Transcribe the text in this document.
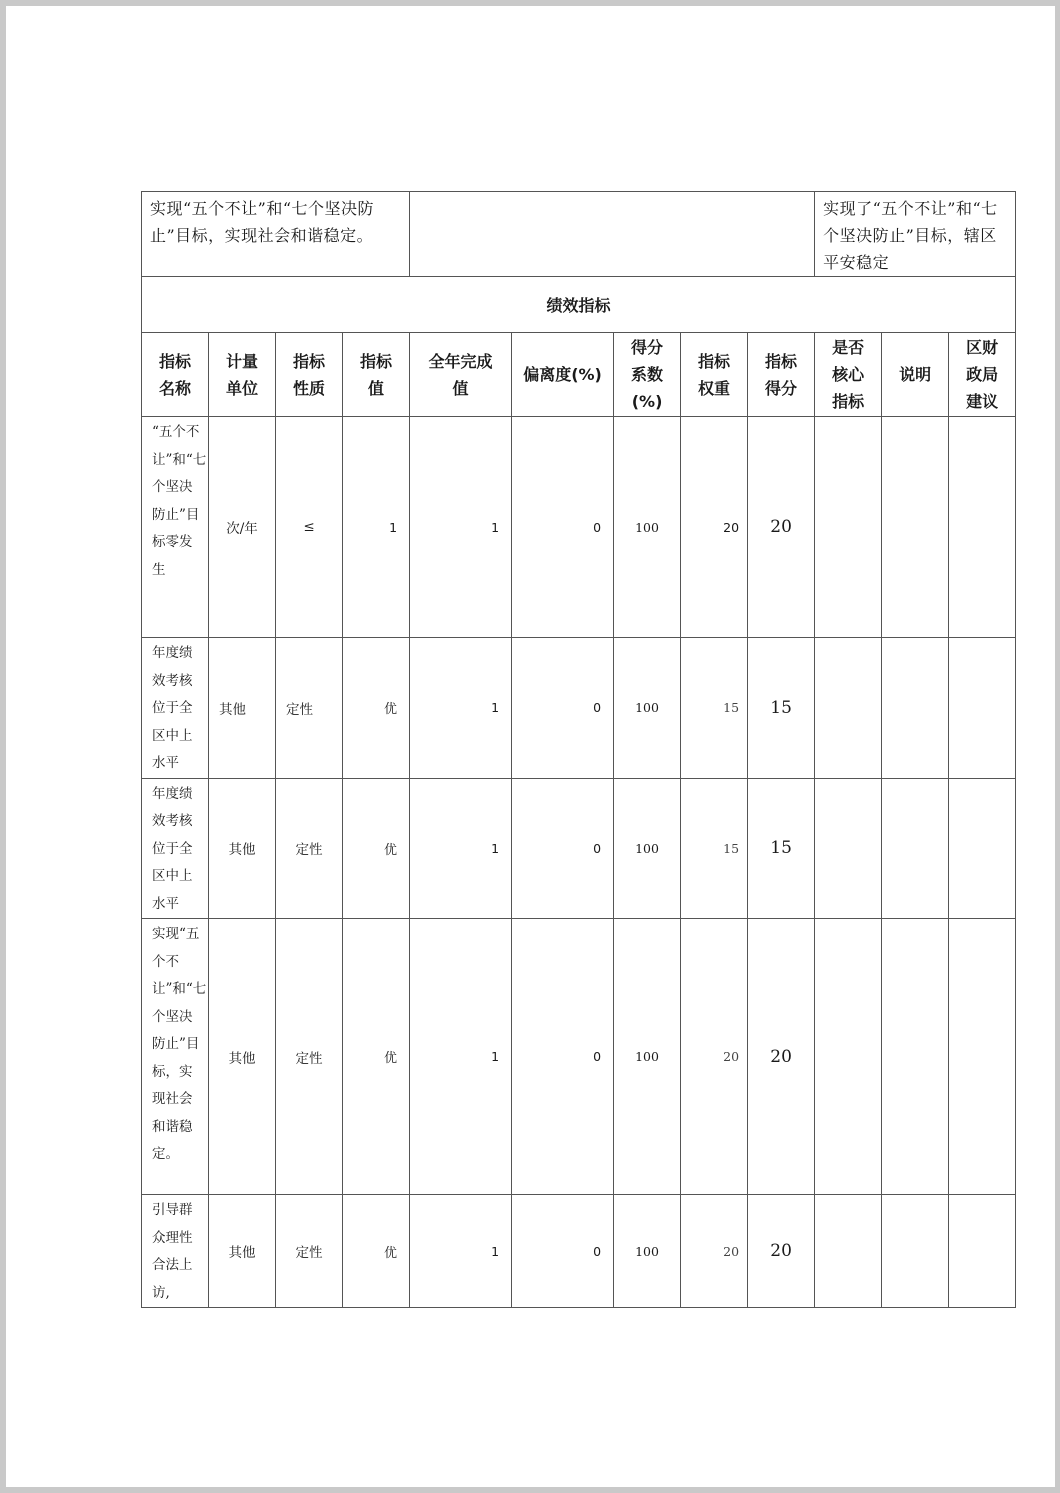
实现“五个不让”和“七个坚决防止”目标，实现社会和谐稳定。									实现了“五个不让”和“七个坚决防止”目标，辖区平安稳定		
绩效指标											

指标名称	计量单位	指标性质	指标值	全年完成值	偏离度(%)	得分系数(%)	指标权重	指标得分	是否核心指标	说明	区财政局建议

“五个不让”和“七个坚决防止”目标零发生	次/年	≤	1	1	0	100	20	20			

年度绩效考核位于全区中上水平	其他	定性	优	1	0	100	15	15			

年度绩效考核位于全区中上水平	其他	定性	优	1	0	100	15	15			

实现“五个不让”和“七个坚决防止”目标，实现社会和谐稳定。	其他	定性	优	1	0	100	20	20			

引导群众理性合法上访,	其他	定性	优	1	0	100	20	20			
